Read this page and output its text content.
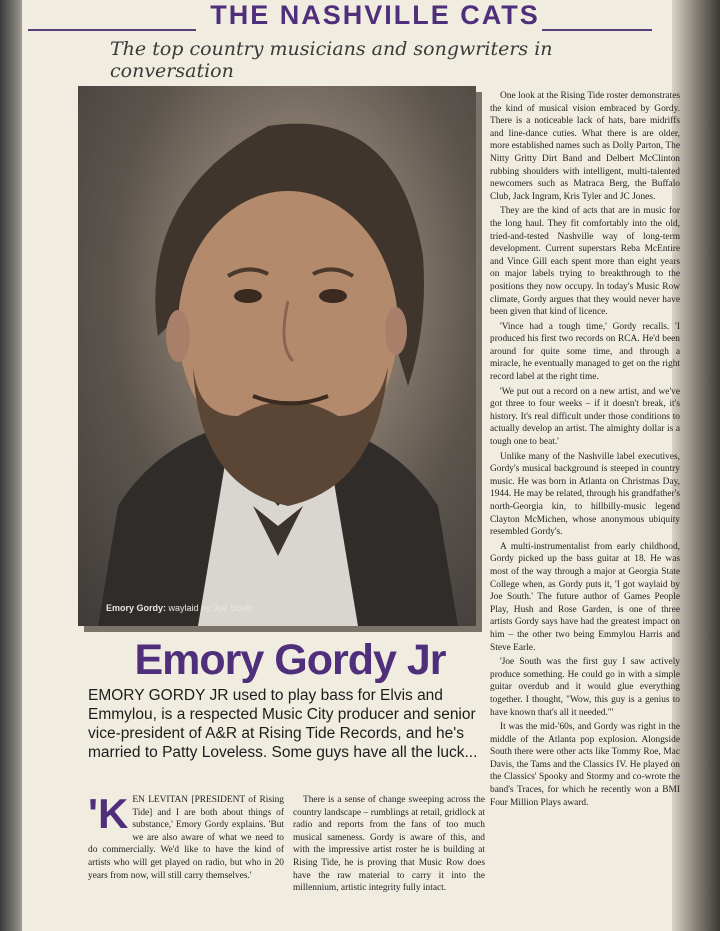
THE NASHVILLE CATS
The top country musicians and songwriters in conversation
Emory Gordy: waylaid by Joe South
Emory Gordy Jr
EMORY GORDY JR used to play bass for Elvis and Emmylou, is a respected Music City producer and senior vice-president of A&R at Rising Tide Records, and he's married to Patty Loveless. Some guys have all the luck...
'K EN LEVITAN [PRESIDENT of Rising Tide] and I are both about things of substance,' Emory Gordy explains. 'But we are also aware of what we need to do commercially. We'd like to have the kind of artists who will get played on radio, but who in 20 years from now, will still carry themselves.'

There is a sense of change sweeping across the country landscape – rumblings at retail, gridlock at radio and reports from the fans of too much musical sameness. Gordy is aware of this, and with the impressive artist roster he is building at Rising Tide, he is proving that Music Row does have the raw material to carry it into the millennium, artistic integrity fully intact.

One look at the Rising Tide roster demonstrates the kind of musical vision embraced by Gordy. There is a noticeable lack of hats, bare midriffs and line-dance cuties. What there is are older, more established names such as Dolly Parton, The Nitty Gritty Dirt Band and Delbert McClinton rubbing shoulders with intelligent, multi-talented newcomers such as Matraca Berg, the Buffalo Club, Jack Ingram, Kris Tyler and JC Jones.

They are the kind of acts that are in music for the long haul. They fit comfortably into the old, tried-and-tested Nashville way of long-term development. Current superstars Reba McEntire and Vince Gill each spent more than eight years on major labels trying to breakthrough to the positions they now occupy. In today's Music Row climate, Gordy argues that they would never have been given that kind of licence.

'Vince had a tough time,' Gordy recalls. 'I produced his first two records on RCA. He'd been around for quite some time, and through a miracle, he eventually managed to get on the right record label at the right time.

'We put out a record on a new artist, and we've got three to four weeks – if it doesn't break, it's history. It's real difficult under those conditions to actually develop an artist. The almighty dollar is a tough one to beat.'

Unlike many of the Nashville label executives, Gordy's musical background is steeped in country music. He was born in Atlanta on Christmas Day, 1944. He may be related, through his grandfather's north-Georgia kin, to hillbilly-music legend Clayton McMichen, whose anonymous ubiquity resembled Gordy's.

A multi-instrumentalist from early childhood, Gordy picked up the bass guitar at 18. He was most of the way through a major at Georgia State College when, as Gordy puts it, 'I got waylaid by Joe South.' The future author of Games People Play, Hush and Rose Garden, is one of three artists Gordy says have had the greatest impact on him – the other two being Emmylou Harris and Steve Earle.

'Joe South was the first guy I saw actively produce something. He could go in with a simple guitar overdub and it would glue everything together. I thought, "Wow, this guy is a genius to have known that's all it needed."'

It was the mid-'60s, and Gordy was right in the middle of the Atlanta pop explosion. Alongside South there were other acts like Tommy Roe, Mac Davis, the Tams and the Classics IV. He played on the Classics' Spooky and Stormy and co-wrote the band's Traces, for which he recently won a BMI Four Million Plays award.
